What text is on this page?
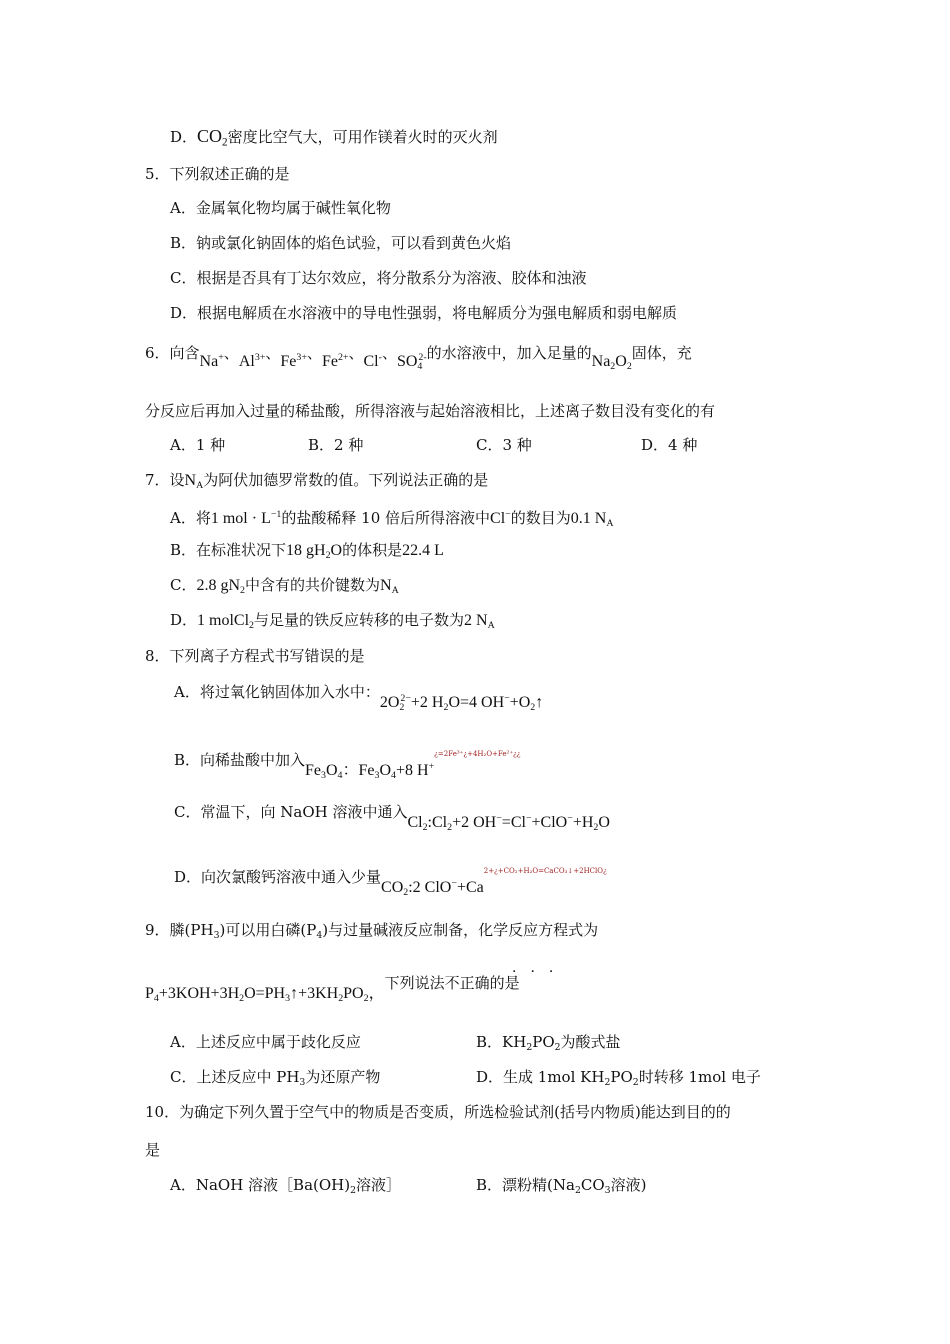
D．$CO_2$密度比空气大，可用作镁着火时的灭火剂
5．下列叙述正确的是
A．金属氧化物均属于碱性氧化物
B．钠或氯化钠固体的焰色试验，可以看到黄色火焰
C．根据是否具有丁达尔效应，将分散系分为溶液、胶体和浊液
D．根据电解质在水溶液中的导电性强弱，将电解质分为强电解质和弱电解质
6．向含Na+、$Al^{3+}$、$Fe^{3+}$、$Fe^{2+}$、Cl-、$SO_4^{2-}$的水溶液中，加入足量的$Na_2O_2$固体，充
分反应后再加入过量的稀盐酸，所得溶液与起始溶液相比，上述离子数目没有变化的有
A．1 种	B．2 种	C．3 种	D．4 种
7．设$N_A$为阿伏加德罗常数的值。下列说法正确的是
A．将1 mol · $L^{-1}$的盐酸稀释 10 倍后所得溶液中Cl−的数目为0.1 $N_A$
B．在标准状况下18 $gH_2O$的体积是22.4 L
C．2.8 $gN_2$中含有的共价键数为$N_A$
D．1 molCl$_2$与足量的铁反应转移的电子数为2 $N_A$
8．下列离子方程式书写错误的是
A．将过氧化钠固体加入水中：$2O_2^{2-}+2$ $H_2O=4$ $OH^-+O_2↑$
B．向稀盐酸中加入$Fe_3O_4$：$Fe_3O_4+8$ $H^{+¿=2Fe^{3+}¿+4H_2O+Fe^{2+}¿¿}$
C．常温下，向 NaOH 溶液中通入$Cl_2:Cl_2+2$ $OH^-=Cl^-+ClO^-+H_2O$
D．向次氯酸钙溶液中通入少量$CO_2:2$ $ClO^-+Ca^{2+¿+CO_2+H_2O=CaCO_3↓+2HClO¿}$
9．膦$(PH_3)$可以用白磷$(P_4)$与过量碱液反应制备，化学反应方程式为
···
$P_4+3KOH+3H_2O=PH_3↑+3KH_2PO_2$，下列说法不正确的是
A．上述反应中属于歧化反应	B．$KH_2PO_2$为酸式盐
C．上述反应中 $PH_3$为还原产物	D．生成 1mol $KH_2PO_2$时转移 1mol 电子
10．为确定下列久置于空气中的物质是否变质，所选检验试剂(括号内物质)能达到目的的
是
A．NaOH 溶液$[Ba(OH)_2$溶液］	B．漂粉精($Na_2CO_3$溶液)
